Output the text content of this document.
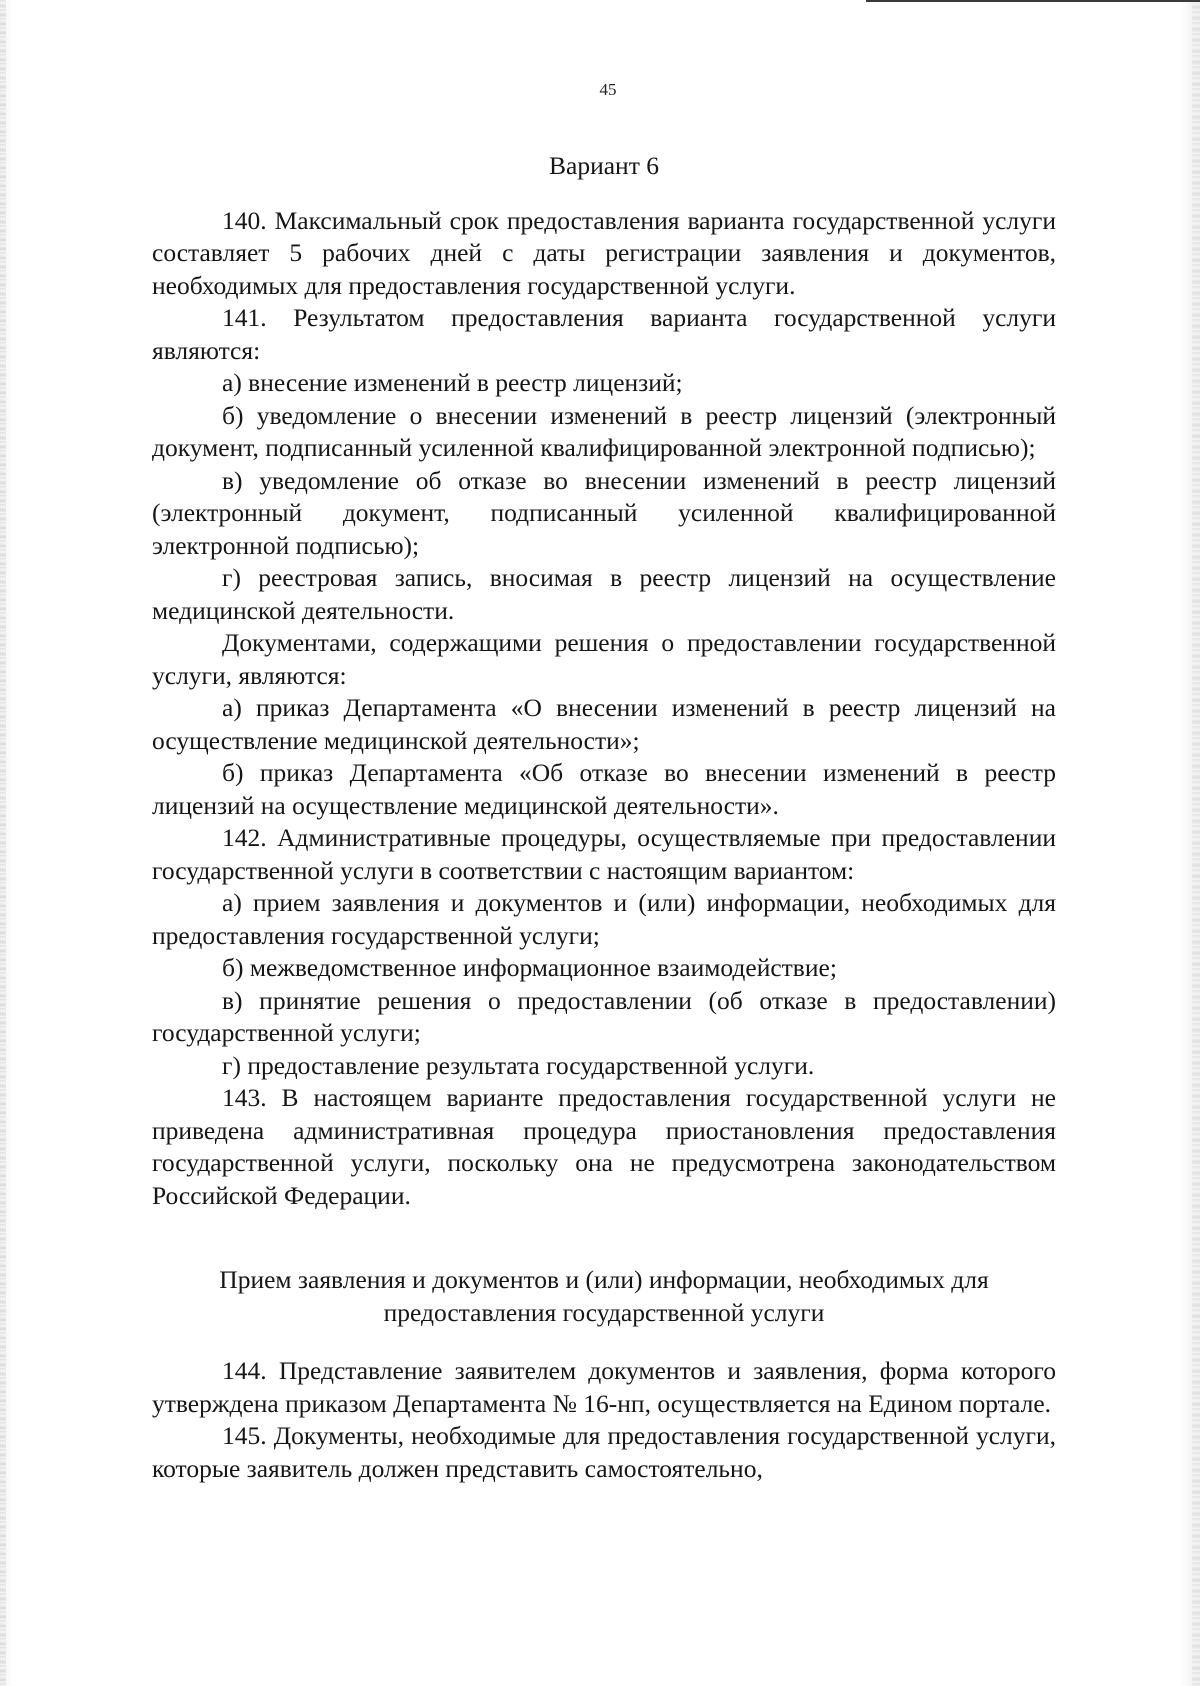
45

Вариант 6

140. Максимальный срок предоставления варианта государственной услуги составляет 5 рабочих дней с даты регистрации заявления и документов, необходимых для предоставления государственной услуги.

141. Результатом предоставления варианта государственной услуги являются:

а) внесение изменений в реестр лицензий;

б) уведомление о внесении изменений в реестр лицензий (электронный документ, подписанный усиленной квалифицированной электронной подписью);

в) уведомление об отказе во внесении изменений в реестр лицензий (электронный документ, подписанный усиленной квалифицированной электронной подписью);

г) реестровая запись, вносимая в реестр лицензий на осуществление медицинской деятельности.

Документами, содержащими решения о предоставлении государственной услуги, являются:

а) приказ Департамента «О внесении изменений в реестр лицензий на осуществление медицинской деятельности»;

б) приказ Департамента «Об отказе во внесении изменений в реестр лицензий на осуществление медицинской деятельности».

142. Административные процедуры, осуществляемые при предоставлении государственной услуги в соответствии с настоящим вариантом:

а) прием заявления и документов и (или) информации, необходимых для предоставления государственной услуги;

б) межведомственное информационное взаимодействие;

в) принятие решения о предоставлении (об отказе в предоставлении) государственной услуги;

г) предоставление результата государственной услуги.

143. В настоящем варианте предоставления государственной услуги не приведена административная процедура приостановления предоставления государственной услуги, поскольку она не предусмотрена законодательством Российской Федерации.

Прием заявления и документов и (или) информации, необходимых для предоставления государственной услуги

144. Представление заявителем документов и заявления, форма которого утверждена приказом Департамента № 16-нп, осуществляется на Едином портале.

145. Документы, необходимые для предоставления государственной услуги, которые заявитель должен представить самостоятельно,
